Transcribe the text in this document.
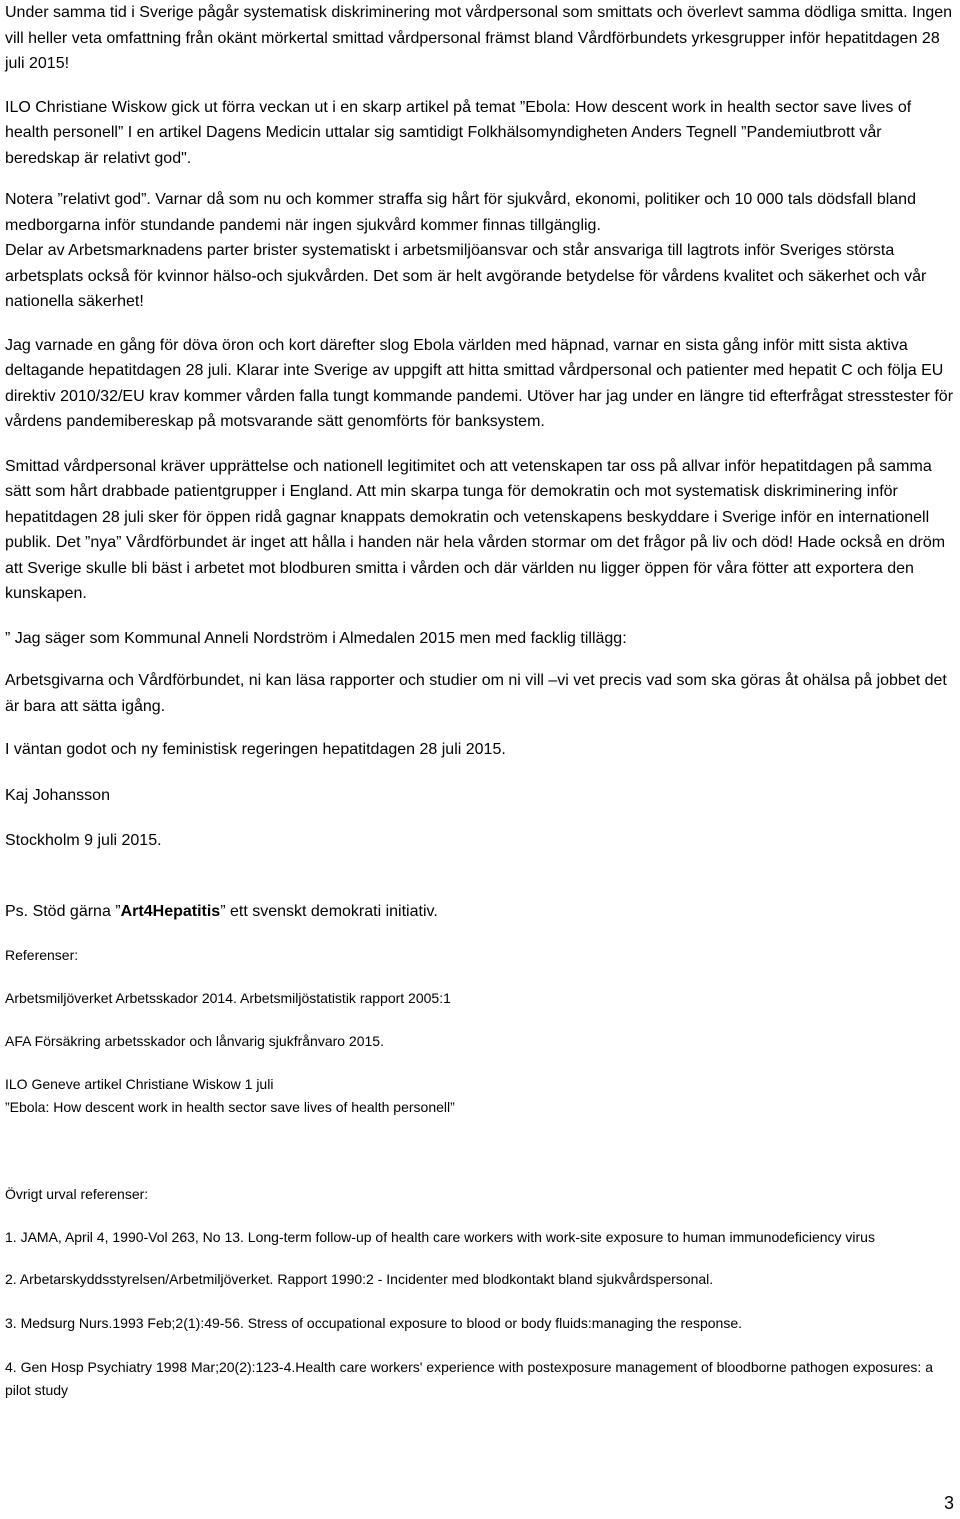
Under samma tid i Sverige pågår systematisk diskriminering mot vårdpersonal som smittats och överlevt samma dödliga smitta. Ingen vill heller veta omfattning från okänt mörkertal smittad vårdpersonal främst bland Vårdförbundets yrkesgrupper inför hepatitdagen 28 juli 2015!

ILO Christiane Wiskow gick ut förra veckan ut i en skarp artikel på temat ”Ebola: How descent work in health sector save lives of health personell” I en artikel Dagens Medicin uttalar sig samtidigt Folkhälsomyndigheten Anders Tegnell ”Pandemiutbrott vår beredskap är relativt god".

Notera ”relativt god”. Varnar då som nu och kommer straffa sig hårt för sjukvård, ekonomi, politiker och 10 000 tals dödsfall bland medborgarna inför stundande pandemi när ingen sjukvård kommer finnas tillgänglig.
Delar av Arbetsmarknadens parter brister systematiskt i arbetsmiljöansvar och står ansvariga till lagtrots inför Sveriges största arbetsplats också för kvinnor hälso-och sjukvården. Det som är helt avgörande betydelse för vårdens kvalitet och säkerhet och vår nationella säkerhet!

Jag varnade en gång för döva öron och kort därefter slog Ebola världen med häpnad, varnar en sista gång inför mitt sista aktiva deltagande hepatitdagen 28 juli. Klarar inte Sverige av uppgift att hitta smittad vårdpersonal och patienter med hepatit C och följa EU direktiv 2010/32/EU krav kommer vården falla tungt kommande pandemi. Utöver har jag under en längre tid efterfrågat stresstester för vårdens pandemibereskap på motsvarande sätt genomförts för banksystem.

Smittad vårdpersonal kräver upprättelse och nationell legitimitet och att vetenskapen tar oss på allvar inför hepatitdagen på samma sätt som hårt drabbade patientgrupper i England. Att min skarpa tunga för demokratin och mot systematisk diskriminering inför hepatitdagen 28 juli sker för öppen ridå gagnar knappats demokratin och vetenskapens beskyddare i Sverige inför en internationell publik. Det ”nya” Vårdförbundet är inget att hålla i handen när hela vården stormar om det frågor på liv och död! Hade också en dröm att Sverige skulle bli bäst i arbetet mot blodburen smitta i vården och där världen nu ligger öppen för våra fötter att exportera den kunskapen.

” Jag säger som Kommunal Anneli Nordström i Almedalen 2015 men med facklig tillägg:

Arbetsgivarna och Vårdförbundet, ni kan läsa rapporter och studier om ni vill –vi vet precis vad som ska göras åt ohälsa på jobbet det är bara att sätta igång.

I väntan godot och ny feministisk regeringen hepatitdagen 28 juli 2015.

Kaj Johansson

Stockholm 9 juli 2015.

Ps. Stöd gärna ”Art4Hepatitis” ett svenskt demokrati initiativ.

Referenser:

Arbetsmiljöverket Arbetsskador 2014. Arbetsmiljöstatistik rapport 2005:1

AFA Försäkring arbetsskador och lånvarig sjukfrånvaro 2015.

ILO Geneve artikel Christiane Wiskow 1 juli
”Ebola: How descent work in health sector save lives of health personell”

Övrigt urval referenser:

1. JAMA, April 4, 1990-Vol 263, No 13. Long-term follow-up of health care workers with work-site exposure to human immunodeficiency virus

2. Arbetarskyddsstyrelsen/Arbetmiljöverket. Rapport 1990:2 - Incidenter med blodkontakt bland sjukvårdspersonal.

3. Medsurg Nurs.1993 Feb;2(1):49-56. Stress of occupational exposure to blood or body fluids:managing the response.

4. Gen Hosp Psychiatry 1998 Mar;20(2):123-4.Health care workers' experience with postexposure management of bloodborne pathogen exposures: a pilot study

3
